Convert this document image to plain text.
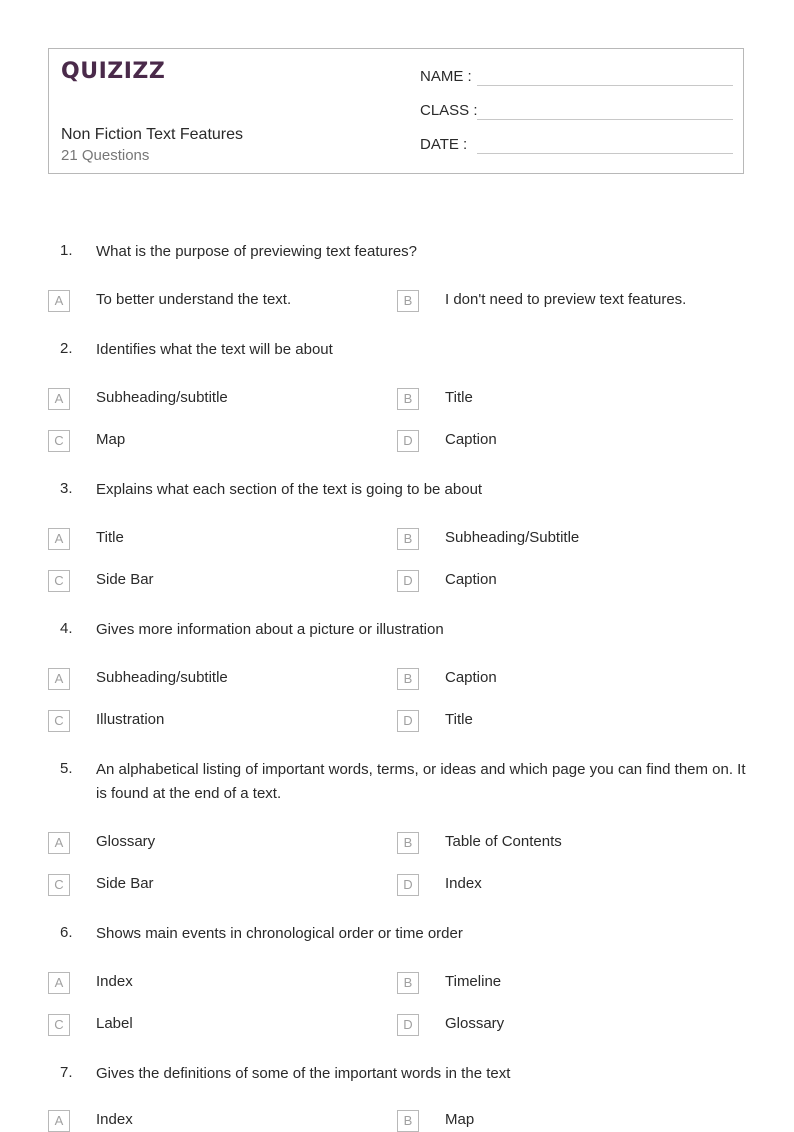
QUIZIZZ
Non Fiction Text Features
21 Questions
NAME :
CLASS :
DATE :
1.	What is the purpose of previewing text features?
A	To better understand the text.	B	I don't need to preview text features.
2.	Identifies what the text will be about
A	Subheading/subtitle	B	Title
C	Map	D	Caption
3.	Explains what each section of the text is going to be about
A	Title	B	Subheading/Subtitle
C	Side Bar	D	Caption
4.	Gives more information about a picture or illustration
A	Subheading/subtitle	B	Caption
C	Illustration	D	Title
5.	An alphabetical listing of important words, terms, or ideas and which page you can find them on. It is found at the end of a text.
A	Glossary	B	Table of Contents
C	Side Bar	D	Index
6.	Shows main events in chronological order or time order
A	Index	B	Timeline
C	Label	D	Glossary
7.	Gives the definitions of some of the important words in the text
A	Index	B	Map
